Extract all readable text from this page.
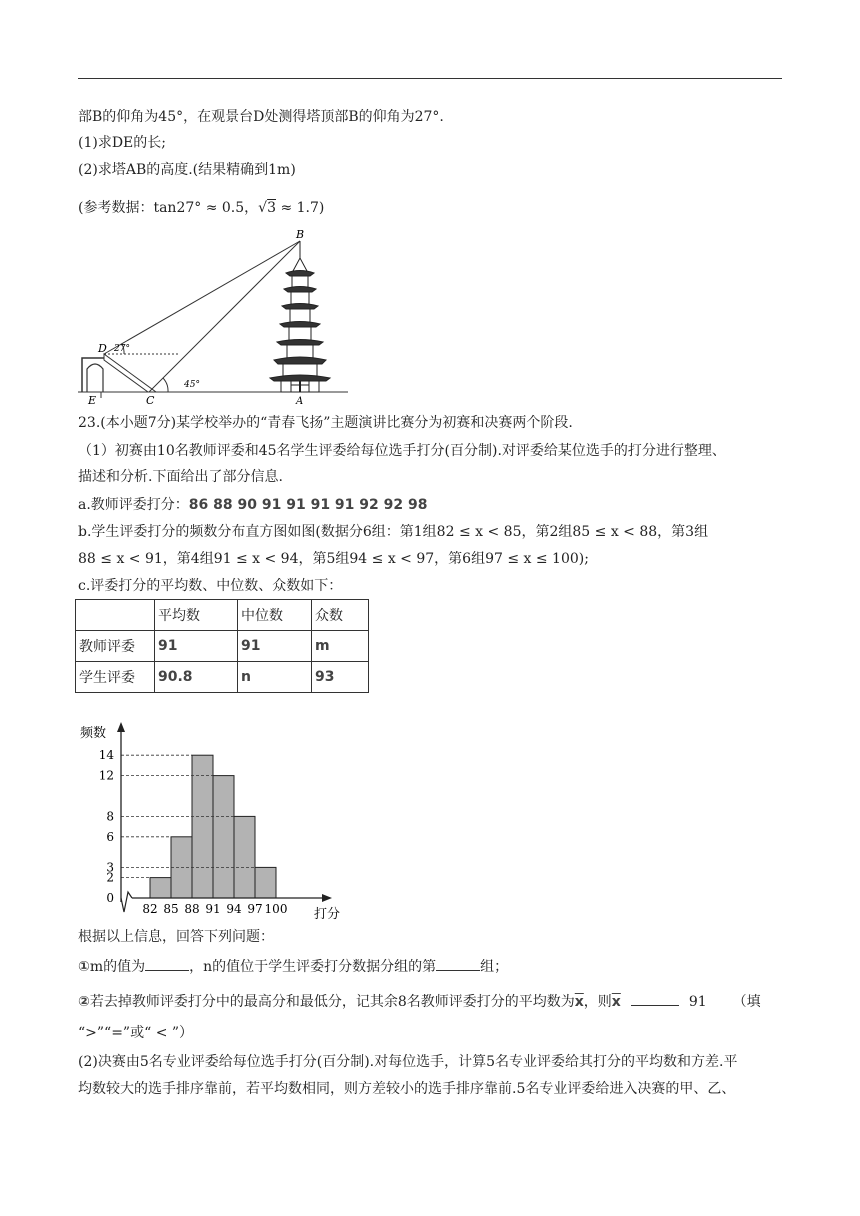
部B的仰角为45°，在观景台D处测得塔顶部B的仰角为27°.
(1)求DE的长;
(2)求塔AB的高度.(结果精确到1m)
(参考数据：tan27° ≈ 0.5，√3 ≈ 1.7)
B
D 27°
45°
E	C	A
23.(本小题7分)某学校举办的“青春飞扬”主题演讲比赛分为初赛和决赛两个阶段.
（1）初赛由10名教师评委和45名学生评委给每位选手打分(百分制).对评委给某位选手的打分进行整理、
描述和分析.下面给出了部分信息.
a.教师评委打分：86 88 90 91 91 91 91 92 92 98
b.学生评委打分的频数分布直方图如图(数据分6组：第1组82 ≤ x < 85，第2组85 ≤ x < 88，第3组
88 ≤ x < 91，第4组91 ≤ x < 94，第5组94 ≤ x < 97，第6组97 ≤ x ≤ 100);
c.评委打分的平均数、中位数、众数如下：
	平均数	中位数	众数
教师评委	91	91	m
学生评委	90.8	n	93
14
12
8
6
3
2
0
82 85 88 91 94 97 100
频数
打分
根据以上信息，回答下列问题：
①m的值为	，n的值位于学生评委打分数据分组的第	组；
②若去掉教师评委打分中的最高分和最低分，记其余8名教师评委打分的平均数为$\overline{x}$，则$\overline{x}$	91 （填
“>”“=”或“ < ”）
(2)决赛由5名专业评委给每位选手打分(百分制).对每位选手，计算5名专业评委给其打分的平均数和方差.平
均数较大的选手排序靠前，若平均数相同，则方差较小的选手排序靠前.5名专业评委给进入决赛的甲、乙、
